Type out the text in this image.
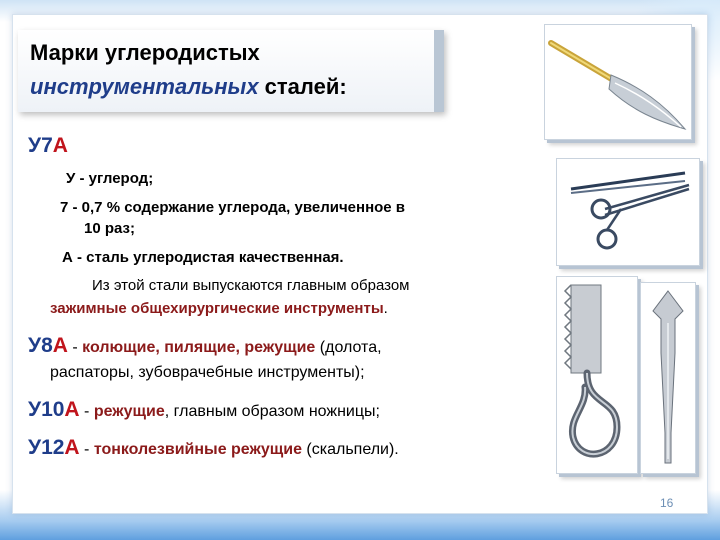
Марки углеродистых
инструментальных сталей:
У7А
У - углерод;
7 - 0,7 % содержание углерода, увеличенное в
10 раз;
А - сталь углеродистая качественная.
Из этой стали выпускаются главным образом
зажимные общехирургические инструменты.
У8А - колющие, пилящие, режущие (долота,
распаторы, зубоврачебные инструменты);
У10А - режущие, главным образом ножницы;
У12А - тонколезвийные режущие (скальпели).
16
